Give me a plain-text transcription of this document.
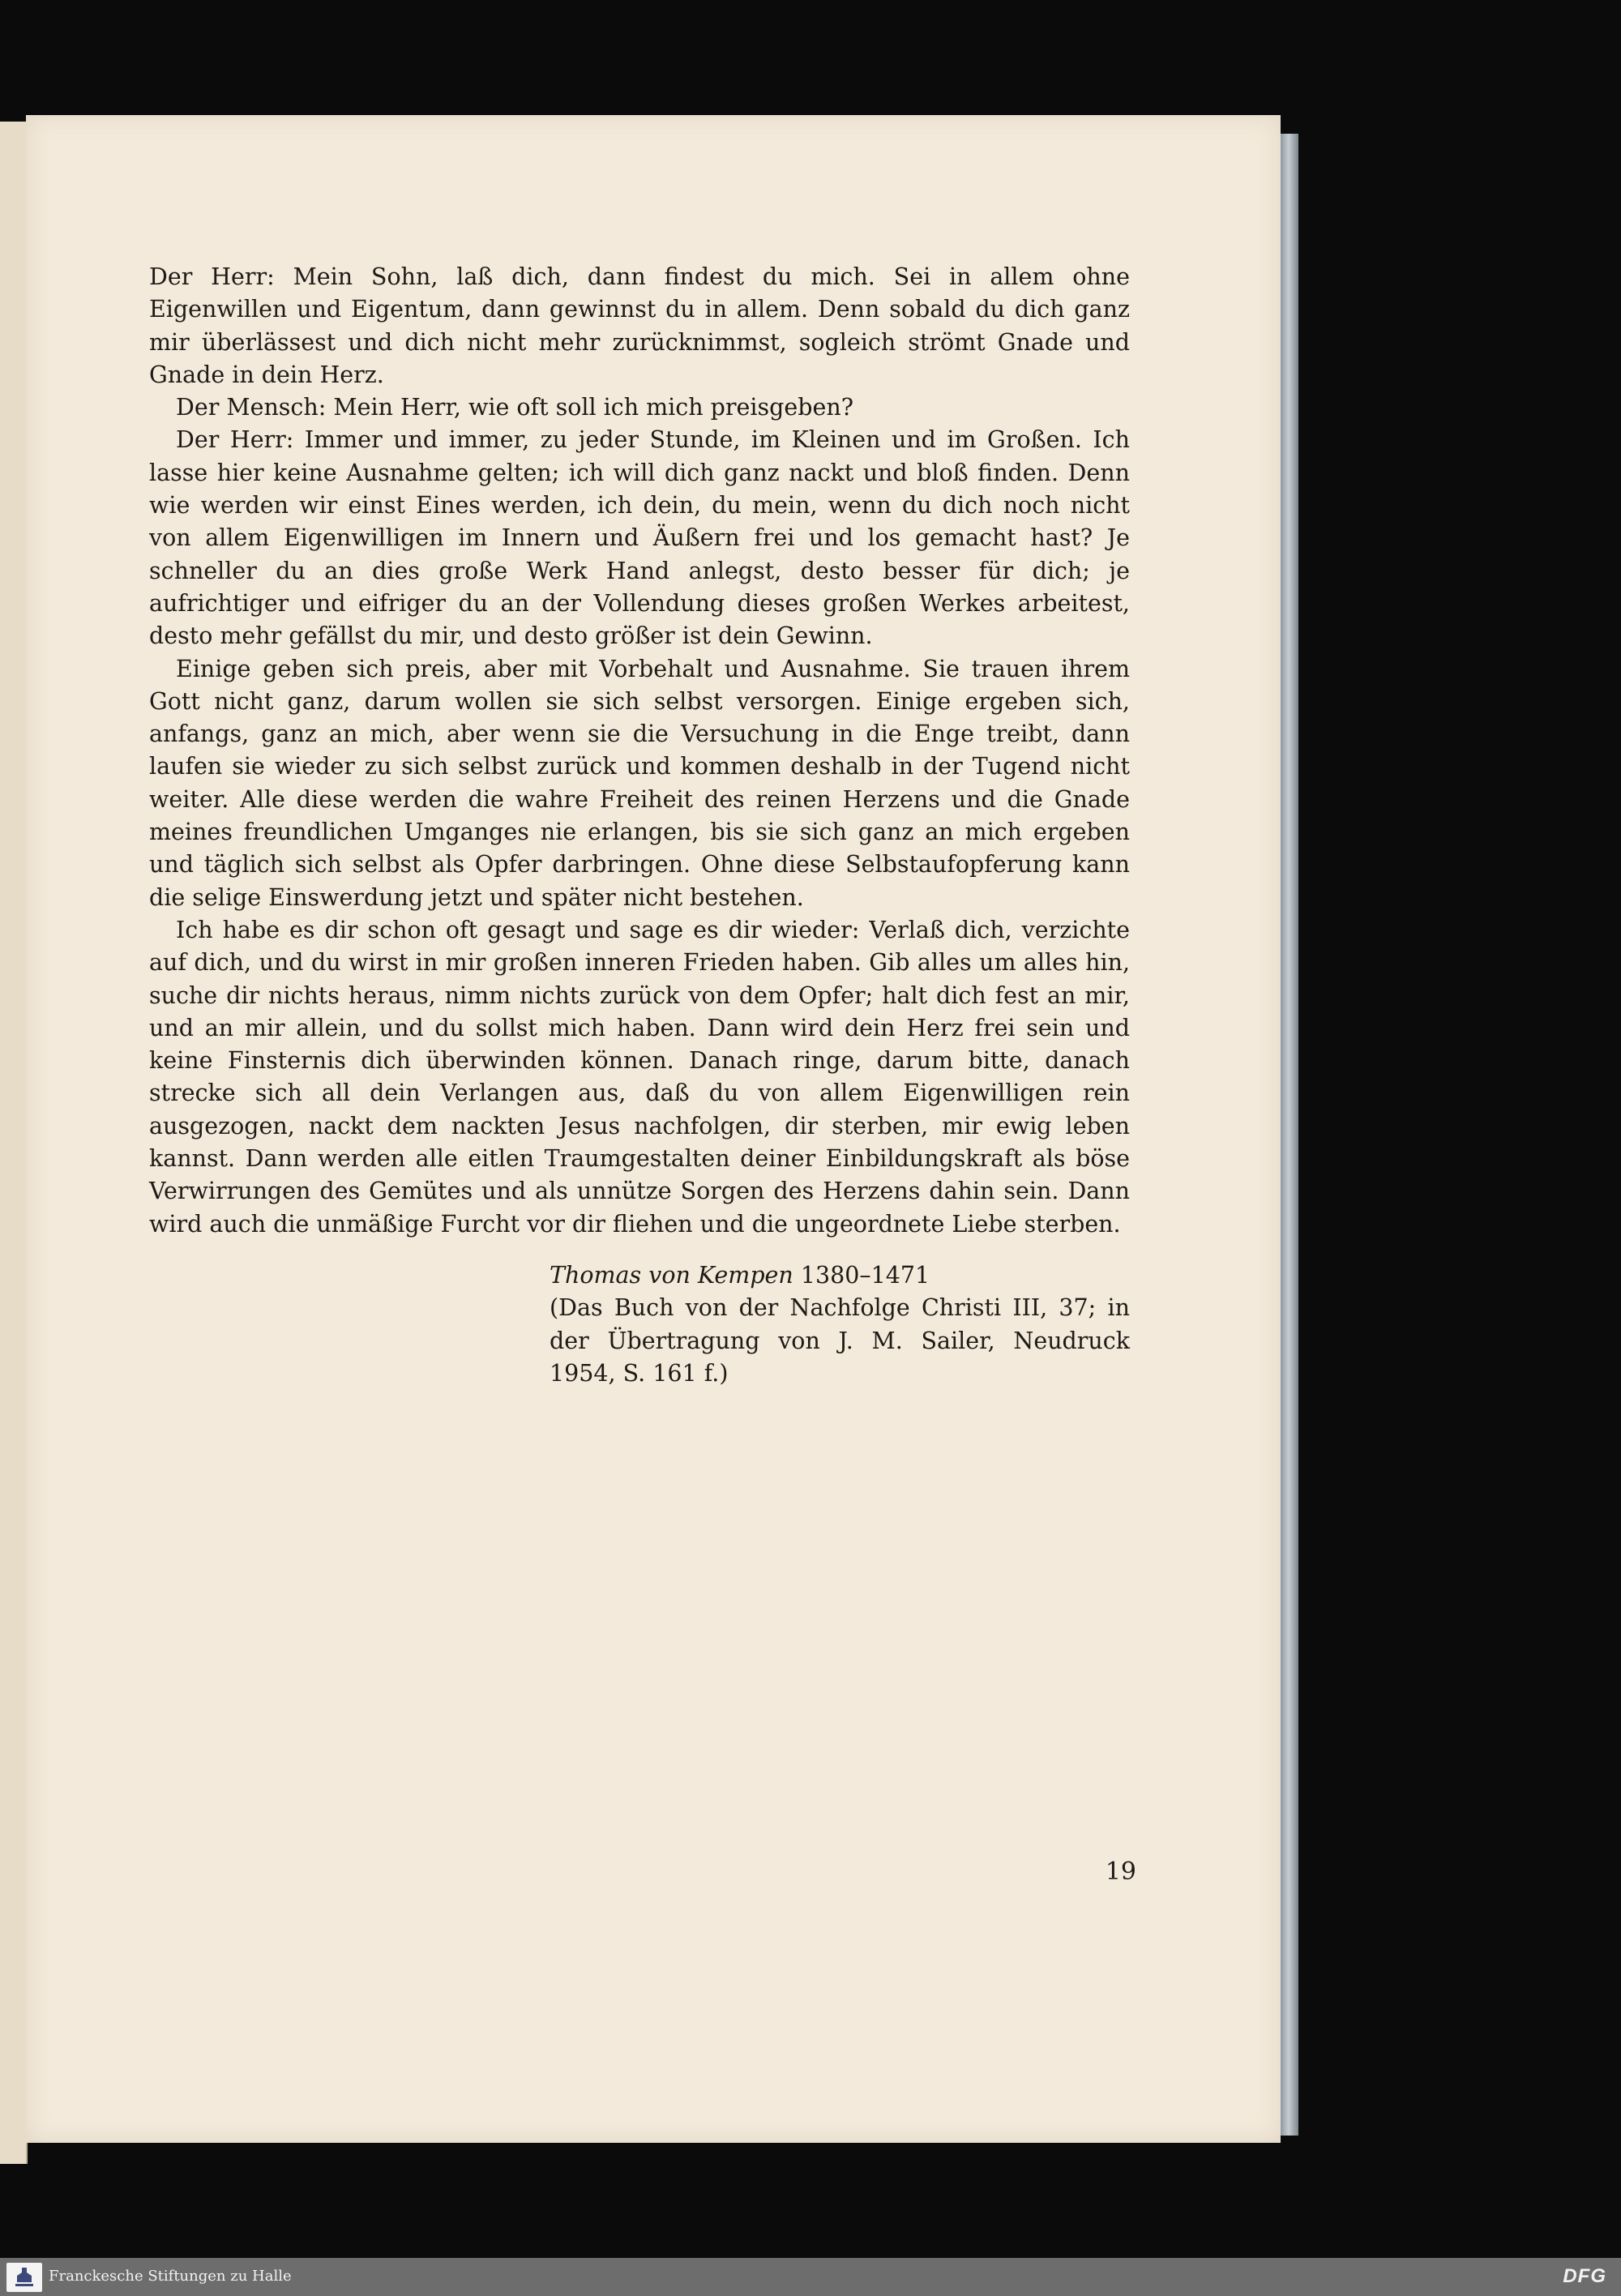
Der Herr: Mein Sohn, laß dich, dann findest du mich. Sei in allem ohne Eigenwillen und Eigentum, dann gewinnst du in allem. Denn sobald du dich ganz mir überlässest und dich nicht mehr zurücknimmst, sogleich strömt Gnade und Gnade in dein Herz.

Der Mensch: Mein Herr, wie oft soll ich mich preisgeben?

Der Herr: Immer und immer, zu jeder Stunde, im Kleinen und im Großen. Ich lasse hier keine Ausnahme gelten; ich will dich ganz nackt und bloß finden. Denn wie werden wir einst Eines werden, ich dein, du mein, wenn du dich noch nicht von allem Eigenwilligen im Innern und Äußern frei und los gemacht hast? Je schneller du an dies große Werk Hand anlegst, desto besser für dich; je aufrichtiger und eifriger du an der Vollendung dieses großen Werkes arbeitest, desto mehr gefällst du mir, und desto größer ist dein Gewinn.

Einige geben sich preis, aber mit Vorbehalt und Ausnahme. Sie trauen ihrem Gott nicht ganz, darum wollen sie sich selbst versorgen. Einige ergeben sich, anfangs, ganz an mich, aber wenn sie die Versuchung in die Enge treibt, dann laufen sie wieder zu sich selbst zurück und kommen deshalb in der Tugend nicht weiter. Alle diese werden die wahre Freiheit des reinen Herzens und die Gnade meines freundlichen Umganges nie erlangen, bis sie sich ganz an mich ergeben und täglich sich selbst als Opfer darbringen. Ohne diese Selbstaufopferung kann die selige Einswerdung jetzt und später nicht bestehen.

Ich habe es dir schon oft gesagt und sage es dir wieder: Verlaß dich, verzichte auf dich, und du wirst in mir großen inneren Frieden haben. Gib alles um alles hin, suche dir nichts heraus, nimm nichts zurück von dem Opfer; halt dich fest an mir, und an mir allein, und du sollst mich haben. Dann wird dein Herz frei sein und keine Finsternis dich überwinden können. Danach ringe, darum bitte, danach strecke sich all dein Verlangen aus, daß du von allem Eigenwilligen rein ausgezogen, nackt dem nackten Jesus nachfolgen, dir sterben, mir ewig leben kannst. Dann werden alle eitlen Traumgestalten deiner Einbildungskraft als böse Verwirrungen des Gemütes und als unnütze Sorgen des Herzens dahin sein. Dann wird auch die unmäßige Furcht vor dir fliehen und die ungeordnete Liebe sterben.

Thomas von Kempen 1380–1471
(Das Buch von der Nachfolge Christi III, 37; in der Übertragung von J. M. Sailer, Neudruck 1954, S. 161 f.)
19
Franckesche Stiftungen zu Halle	DFG
